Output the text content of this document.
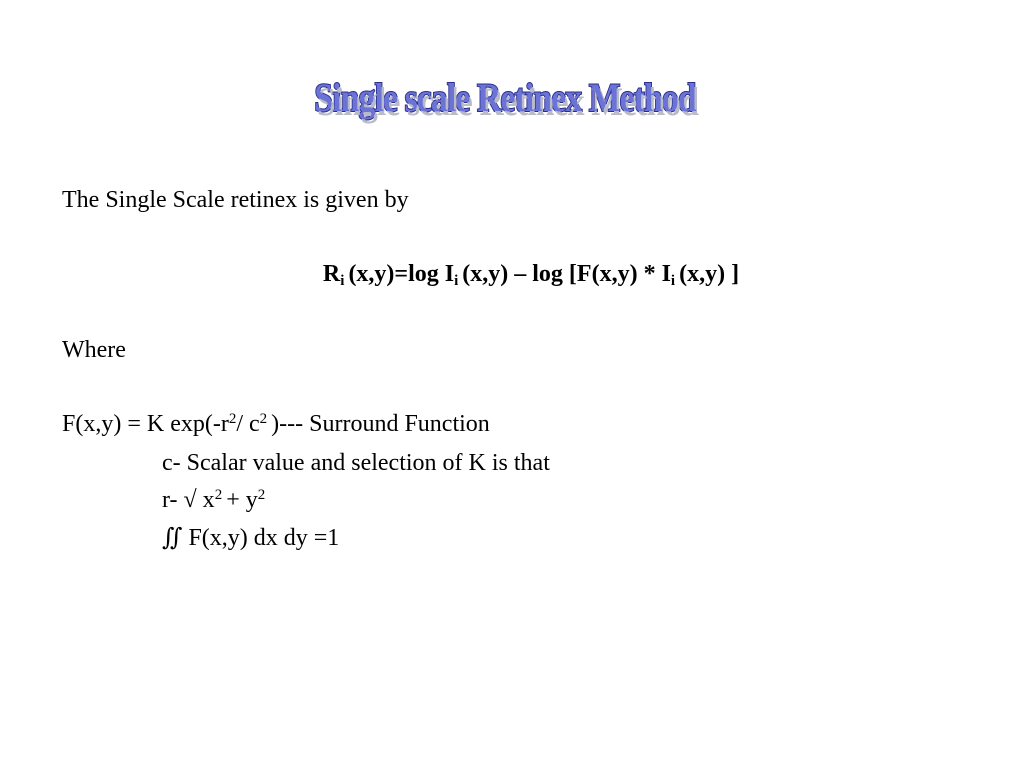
Single scale Retinex Method
The Single Scale retinex is given by
$R_i$ (x,y)=log $I_i$ $(x,y) - \log [F(x,y) * I_i$ (x,y) ]
Where
F(x,y) = K $\exp(-r^2/$ $c^2$ )--- Surround Function
c- Scalar value and selection of K is that
r- √ $x^2 + y^2$
∬ F(x,y) dx dy =1
